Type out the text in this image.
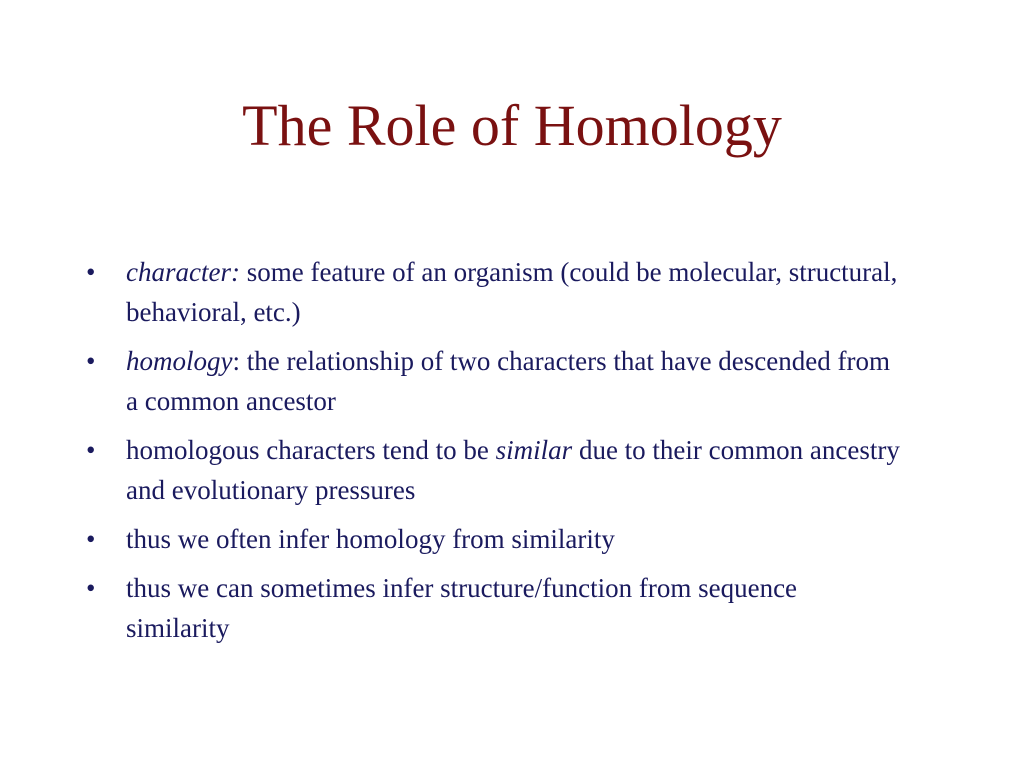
The Role of Homology
•	character: some feature of an organism (could be molecular, structural, behavioral, etc.)
•	homology: the relationship of two characters that have descended from a common ancestor
•	homologous characters tend to be similar due to their common ancestry and evolutionary pressures
•	thus we often infer homology from similarity
•	thus we can sometimes infer structure/function from sequence similarity
